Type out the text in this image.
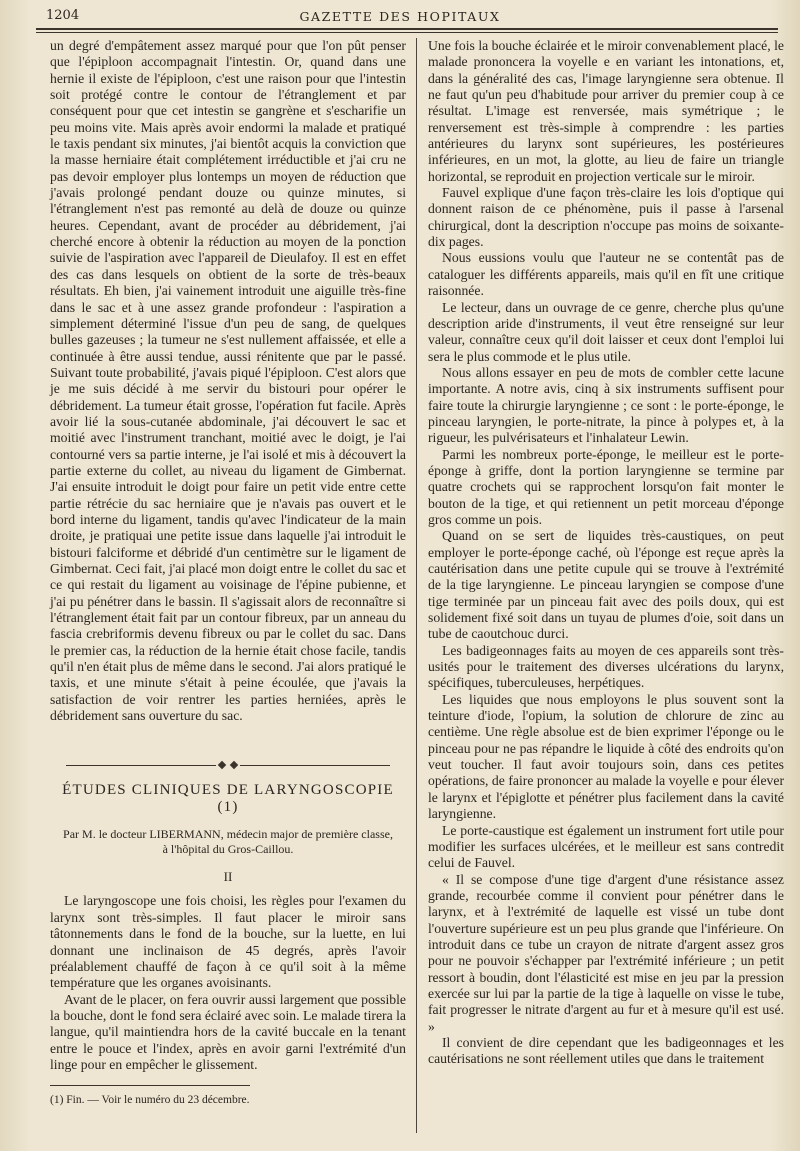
1204	GAZETTE DES HOPITAUX

un degré d'empâtement assez marqué pour que l'on pût penser que l'épiploon accompagnait l'intestin. Or, quand dans une hernie il existe de l'épiploon, c'est une raison pour que l'intestin soit protégé contre le contour de l'étranglement et par conséquent pour que cet intestin se gangrène et s'escharifie un peu moins vite. Mais après avoir endormi la malade et pratiqué le taxis pendant six minutes, j'ai bientôt acquis la conviction que la masse herniaire était complétement irréductible et j'ai cru ne pas devoir employer plus lontemps un moyen de réduction que j'avais prolongé pendant douze ou quinze minutes, si l'étranglement n'est pas remonté au delà de douze ou quinze heures. Cependant, avant de procéder au débridement, j'ai cherché encore à obtenir la réduction au moyen de la ponction suivie de l'aspiration avec l'appareil de Dieulafoy. Il est en effet des cas dans lesquels on obtient de la sorte de très-beaux résultats. Eh bien, j'ai vainement introduit une aiguille très-fine dans le sac et à une assez grande profondeur : l'aspiration a simplement déterminé l'issue d'un peu de sang, de quelques bulles gazeuses ; la tumeur ne s'est nullement affaissée, et elle a continuée à être aussi tendue, aussi rénitente que par le passé. Suivant toute probabilité, j'avais piqué l'épiploon. C'est alors que je me suis décidé à me servir du bistouri pour opérer le débridement. La tumeur était grosse, l'opération fut facile. Après avoir lié la sous-cutanée abdominale, j'ai découvert le sac et moitié avec l'instrument tranchant, moitié avec le doigt, je l'ai contourné vers sa partie interne, je l'ai isolé et mis à découvert la partie externe du collet, au niveau du ligament de Gimbernat. J'ai ensuite introduit le doigt pour faire un petit vide entre cette partie rétrécie du sac herniaire que je n'avais pas ouvert et le bord interne du ligament, tandis qu'avec l'indicateur de la main droite, je pratiquai une petite issue dans laquelle j'ai introduit le bistouri falciforme et débridé d'un centimètre sur le ligament de Gimbernat. Ceci fait, j'ai placé mon doigt entre le collet du sac et ce qui restait du ligament au voisinage de l'épine pubienne, et j'ai pu pénétrer dans le bassin. Il s'agissait alors de reconnaître si l'étranglement était fait par un contour fibreux, par un anneau du fascia crebriformis devenu fibreux ou par le collet du sac. Dans le premier cas, la réduction de la hernie était chose facile, tandis qu'il n'en était plus de même dans le second. J'ai alors pratiqué le taxis, et une minute s'était à peine écoulée, que j'avais la satisfaction de voir rentrer les parties herniées, après le débridement sans ouverture du sac.

ÉTUDES CLINIQUES DE LARYNGOSCOPIE (1)
Par M. le docteur LIBERMANN, médecin major de première classe,
à l'hôpital du Gros-Caillou.
II

Le laryngoscope une fois choisi, les règles pour l'examen du larynx sont très-simples. Il faut placer le miroir sans tâtonnements dans le fond de la bouche, sur la luette, en lui donnant une inclinaison de 45 degrés, après l'avoir préalablement chauffé de façon à ce qu'il soit à la même température que les organes avoisinants.

Avant de le placer, on fera ouvrir aussi largement que possible la bouche, dont le fond sera éclairé avec soin. Le malade tirera la langue, qu'il maintiendra hors de la cavité buccale en la tenant entre le pouce et l'index, après en avoir garni l'extrémité d'un linge pour en empêcher le glissement.

(1) Fin. — Voir le numéro du 23 décembre.

Une fois la bouche éclairée et le miroir convenablement placé, le malade prononcera la voyelle e en variant les intonations, et, dans la généralité des cas, l'image laryngienne sera obtenue. Il ne faut qu'un peu d'habitude pour arriver du premier coup à ce résultat. L'image est renversée, mais symétrique ; le renversement est très-simple à comprendre : les parties antérieures du larynx sont supérieures, les postérieures inférieures, en un mot, la glotte, au lieu de faire un triangle horizontal, se reproduit en projection verticale sur le miroir.

Fauvel explique d'une façon très-claire les lois d'optique qui donnent raison de ce phénomène, puis il passe à l'arsenal chirurgical, dont la description n'occupe pas moins de soixante-dix pages.

Nous eussions voulu que l'auteur ne se contentât pas de cataloguer les différents appareils, mais qu'il en fît une critique raisonnée.

Le lecteur, dans un ouvrage de ce genre, cherche plus qu'une description aride d'instruments, il veut être renseigné sur leur valeur, connaître ceux qu'il doit laisser et ceux dont l'emploi lui sera le plus commode et le plus utile.

Nous allons essayer en peu de mots de combler cette lacune importante. A notre avis, cinq à six instruments suffisent pour faire toute la chirurgie laryngienne ; ce sont : le porte-éponge, le pinceau laryngien, le porte-nitrate, la pince à polypes et, à la rigueur, les pulvérisateurs et l'inhalateur Lewin.

Parmi les nombreux porte-éponge, le meilleur est le porte-éponge à griffe, dont la portion laryngienne se termine par quatre crochets qui se rapprochent lorsqu'on fait monter le bouton de la tige, et qui retiennent un petit morceau d'éponge gros comme un pois.

Quand on se sert de liquides très-caustiques, on peut employer le porte-éponge caché, où l'éponge est reçue après la cautérisation dans une petite cupule qui se trouve à l'extrémité de la tige laryngienne. Le pinceau laryngien se compose d'une tige terminée par un pinceau fait avec des poils doux, qui est solidement fixé soit dans un tuyau de plumes d'oie, soit dans un tube de caoutchouc durci.

Les badigeonnages faits au moyen de ces appareils sont très-usités pour le traitement des diverses ulcérations du larynx, spécifiques, tuberculeuses, herpétiques.

Les liquides que nous employons le plus souvent sont la teinture d'iode, l'opium, la solution de chlorure de zinc au centième. Une règle absolue est de bien exprimer l'éponge ou le pinceau pour ne pas répandre le liquide à côté des endroits qu'on veut toucher. Il faut avoir toujours soin, dans ces petites opérations, de faire prononcer au malade la voyelle e pour élever le larynx et l'épiglotte et pénétrer plus facilement dans la cavité laryngienne.

Le porte-caustique est également un instrument fort utile pour modifier les surfaces ulcérées, et le meilleur est sans contredit celui de Fauvel.

« Il se compose d'une tige d'argent d'une résistance assez grande, recourbée comme il convient pour pénétrer dans le larynx, et à l'extrémité de laquelle est vissé un tube dont l'ouverture supérieure est un peu plus grande que l'inférieure. On introduit dans ce tube un crayon de nitrate d'argent assez gros pour ne pouvoir s'échapper par l'extrémité inférieure ; un petit ressort à boudin, dont l'élasticité est mise en jeu par la pression exercée sur lui par la partie de la tige à laquelle on visse le tube, fait progresser le nitrate d'argent au fur et à mesure qu'il est usé. »

Il convient de dire cependant que les badigeonnages et les cautérisations ne sont réellement utiles que dans le traitement
